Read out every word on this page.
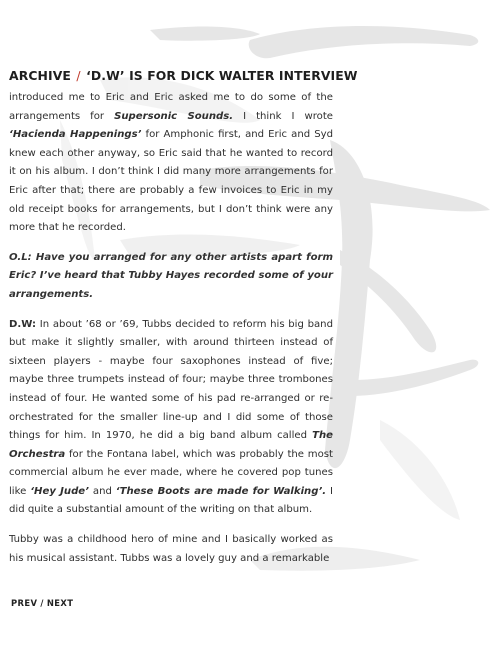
ARCHIVE / ‘D.W’ IS FOR DICK WALTER INTERVIEW

introduced me to Eric and Eric asked me to do some of the arrangements for Supersonic Sounds. I think I wrote ‘Hacienda Happenings’ for Amphonic first, and Eric and Syd knew each other anyway, so Eric said that he wanted to record it on his album. I don’t think I did many more arrangements for Eric after that; there are probably a few invoices to Eric in my old receipt books for arrangements, but I don’t think were any more that he recorded.

O.L: Have you arranged for any other artists apart form Eric? I’ve heard that Tubby Hayes recorded some of your arrangements.

D.W: In about ’68 or ’69, Tubbs decided to reform his big band but make it slightly smaller, with around thirteen instead of sixteen players - maybe four saxophones instead of five; maybe three trumpets instead of four; maybe three trombones instead of four. He wanted some of his pad re-arranged or re-orchestrated for the smaller line-up and I did some of those things for him. In 1970, he did a big band album called The Orchestra for the Fontana label, which was probably the most commercial album he ever made, where he covered pop tunes like ‘Hey Jude’ and ‘These Boots are made for Walking’. I did quite a substantial amount of the writing on that album.

Tubby was a childhood hero of mine and I basically worked as his musical assistant. Tubbs was a lovely guy and a remarkable

PREV / NEXT
